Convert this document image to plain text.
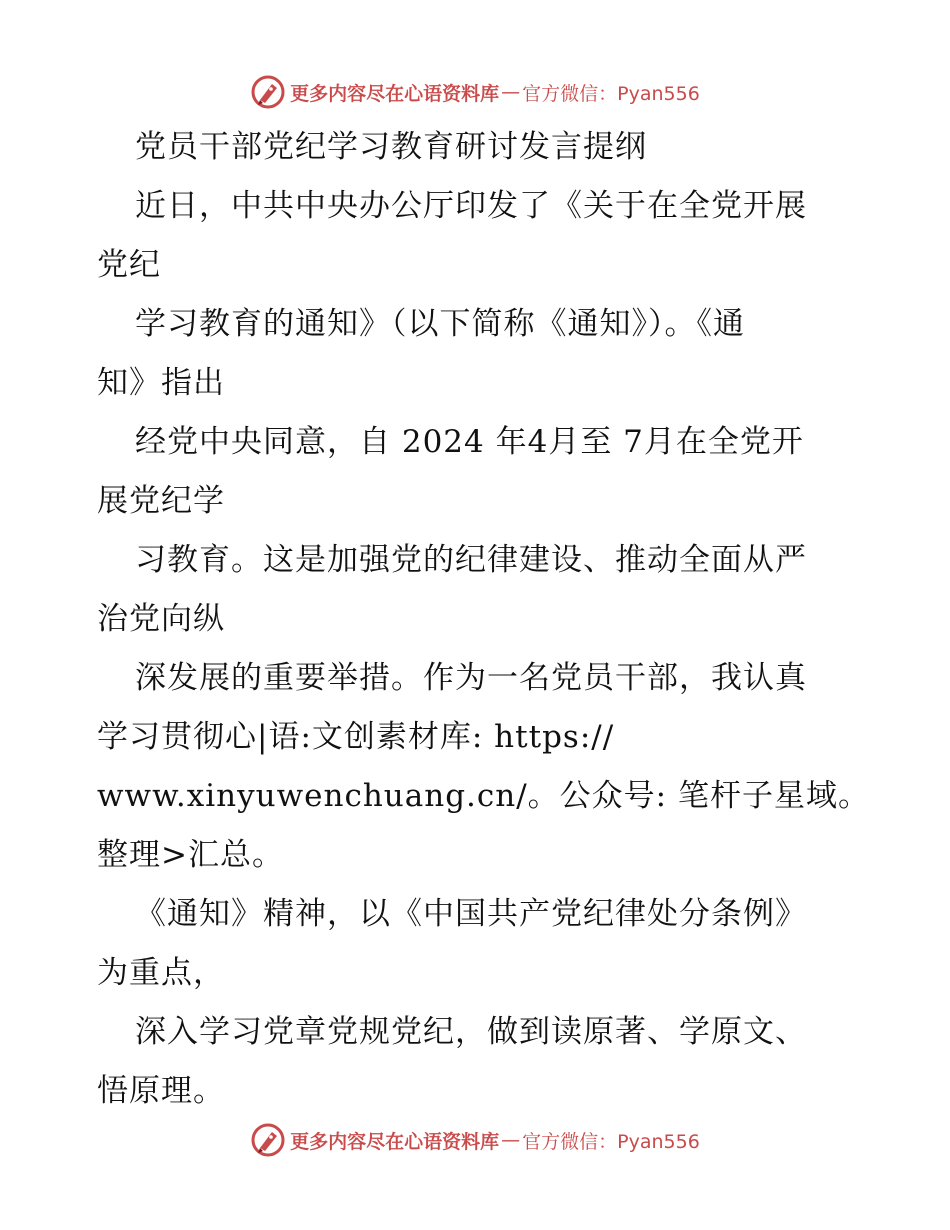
更多内容尽在心语资料库 — 官方微信：Pyan556
党员干部党纪学习教育研讨发言提纲
近日，中共中央办公厅印发了《关于在全党开展
党纪
学习教育的通知》（以下简称《通知》）。《通
知》指出
经党中央同意，自 2024 年4月至 7月在全党开
展党纪学
习教育。这是加强党的纪律建设、推动全面从严
治党向纵
深发展的重要举措。作为一名党员干部，我认真
学习贯彻心|语:文创素材库: https://
www.xinyuwenchuang.cn/。公众号: 笔杆子星域。
整理>汇总。
《通知》精神，以《中国共产党纪律处分条例》
为重点，
深入学习党章党规党纪，做到读原著、学原文、
悟原理。
更多内容尽在心语资料库 — 官方微信：Pyan556
